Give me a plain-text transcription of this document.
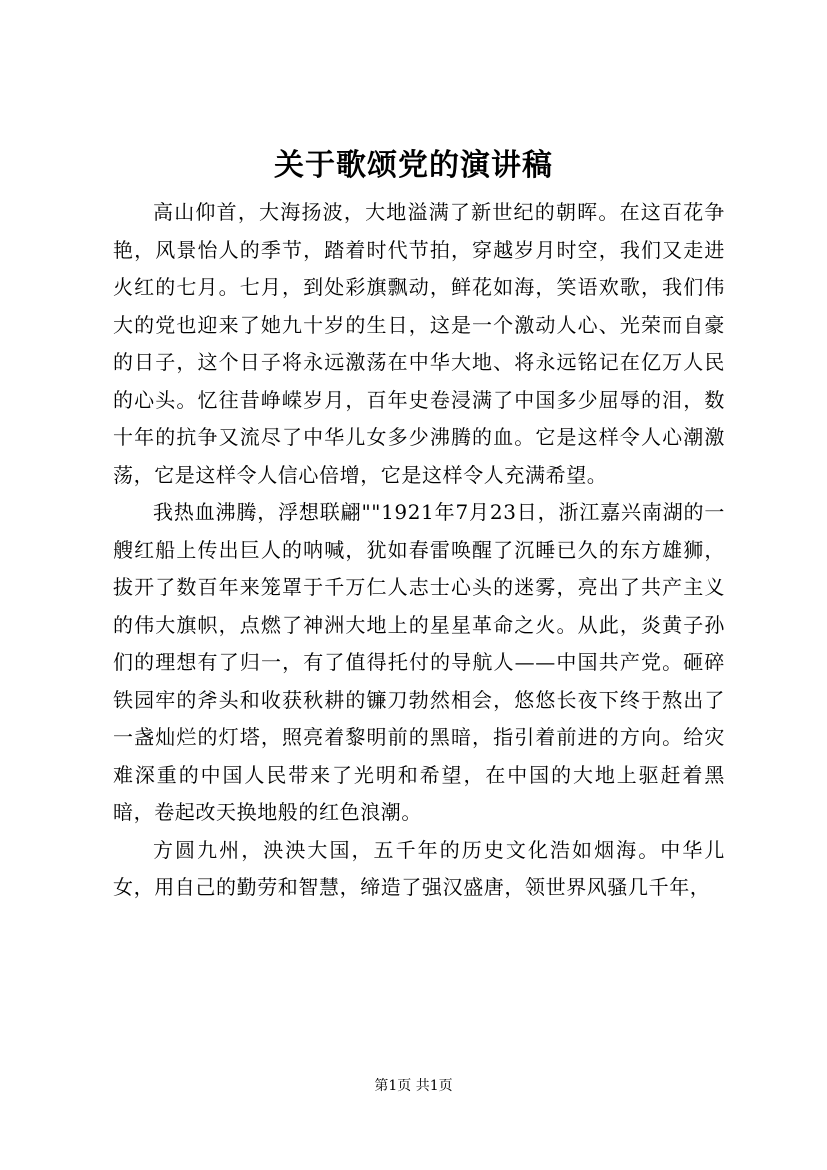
关于歌颂党的演讲稿

高山仰首，大海扬波，大地溢满了新世纪的朝晖。在这百花争艳，风景怡人的季节，踏着时代节拍，穿越岁月时空，我们又走进火红的七月。七月，到处彩旗飘动，鲜花如海，笑语欢歌，我们伟大的党也迎来了她九十岁的生日，这是一个激动人心、光荣而自豪的日子，这个日子将永远激荡在中华大地、将永远铭记在亿万人民的心头。忆往昔峥嵘岁月，百年史卷浸满了中国多少屈辱的泪，数十年的抗争又流尽了中华儿女多少沸腾的血。它是这样令人心潮激荡，它是这样令人信心倍增，它是这样令人充满希望。

我热血沸腾，浮想联翩""1921年7月23日，浙江嘉兴南湖的一艘红船上传出巨人的呐喊，犹如春雷唤醒了沉睡已久的东方雄狮，拔开了数百年来笼罩于千万仁人志士心头的迷雾，亮出了共产主义的伟大旗帜，点燃了神洲大地上的星星革命之火。从此，炎黄子孙们的理想有了归一，有了值得托付的导航人——中国共产党。砸碎铁园牢的斧头和收获秋耕的镰刀勃然相会，悠悠长夜下终于熬出了一盏灿烂的灯塔，照亮着黎明前的黑暗，指引着前进的方向。给灾难深重的中国人民带来了光明和希望，在中国的大地上驱赶着黑暗，卷起改天换地般的红色浪潮。

方圆九州，泱泱大国，五千年的历史文化浩如烟海。中华儿女，用自己的勤劳和智慧，缔造了强汉盛唐，领世界风骚几千年，

第1页 共1页
